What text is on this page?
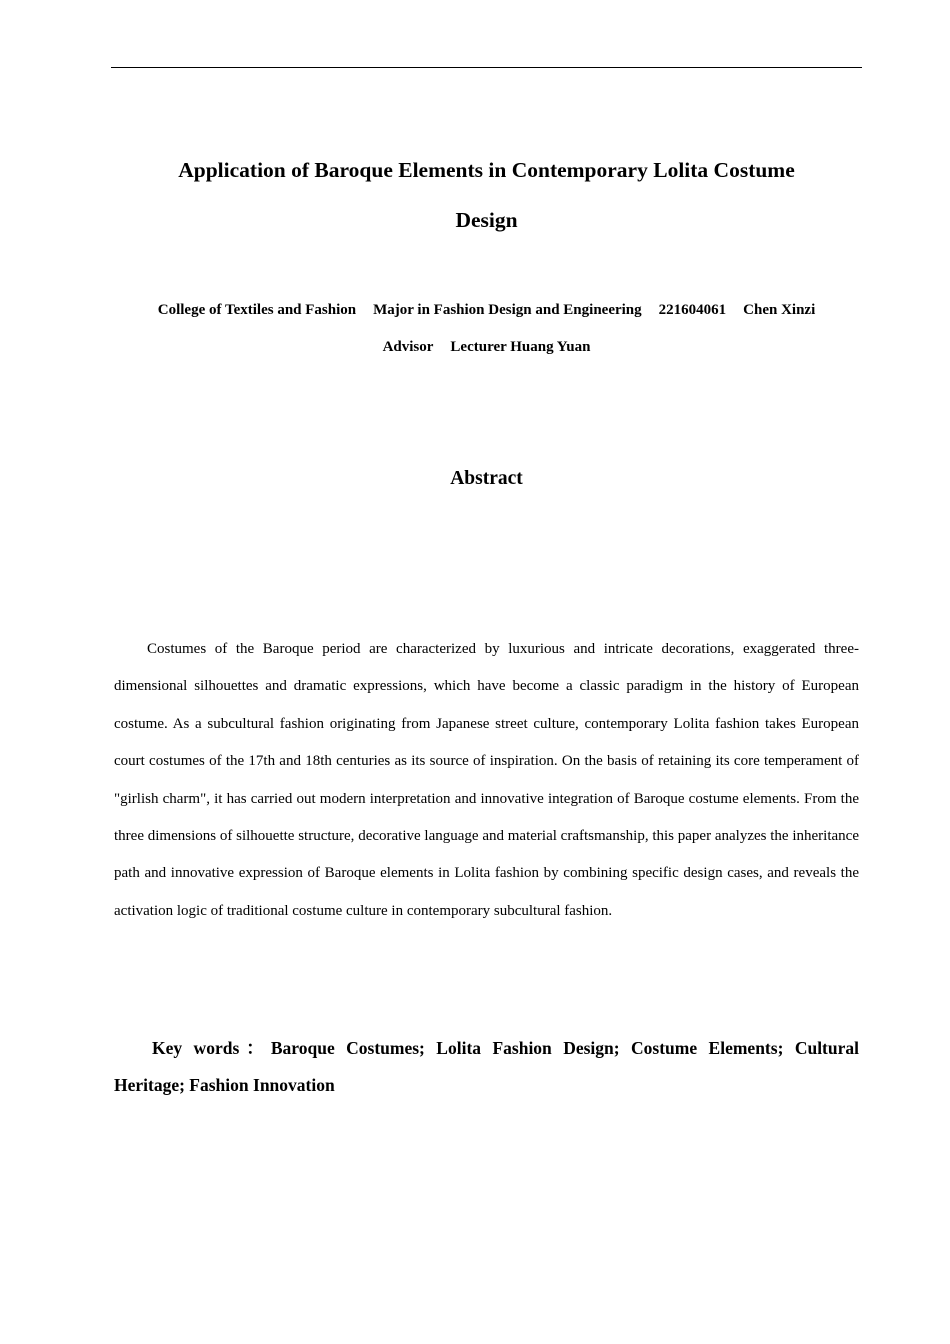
Application of Baroque Elements in Contemporary Lolita Costume
Design
College of Textiles and Fashion Major in Fashion Design and Engineering 221604061 Chen Xinzi
Advisor Lecturer Huang Yuan
Abstract

Costumes of the Baroque period are characterized by luxurious and intricate decorations, exaggerated three-dimensional silhouettes and dramatic expressions, which have become a classic paradigm in the history of European costume. As a subcultural fashion originating from Japanese street culture, contemporary Lolita fashion takes European court costumes of the 17th and 18th centuries as its source of inspiration. On the basis of retaining its core temperament of "girlish charm", it has carried out modern interpretation and innovative integration of Baroque costume elements. From the three dimensions of silhouette structure, decorative language and material craftsmanship, this paper analyzes the inheritance path and innovative expression of Baroque elements in Lolita fashion by combining specific design cases, and reveals the activation logic of traditional costume culture in contemporary subcultural fashion.

Key words：Baroque Costumes; Lolita Fashion Design; Costume Elements; Cultural Heritage; Fashion Innovation
